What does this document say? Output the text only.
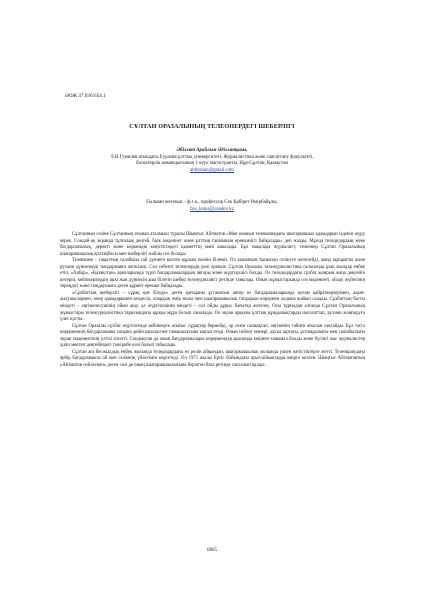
ӘОЖ 37.036:654.1
СҰЛТАН ОРАЗАЛЫНЫҢ ТЕЛЕОНЕРДЕГІ ШЕБЕРЛІГІ
Әбілхат Арайлым Әділханқызы,
Л.Н.Гумилев атындағы Еуразия ұлттық университеті, Журналистика және саясаттану факультеті,
баспагерлік мамандығының 1-курс магистранты, Нұр-Сұлтан, Қазақстан
abileshan@gmail.com
Ғылыми жетекші – ф.ғ.к., профессор Сек Қабірет Өмірбайұлы,
bas_kalus@yandex.kz

Сұлтанның сөзіне Сұлтанның атынан аталмыш туралы Шыңғыс Айтматов «Мен аламын телевизиядағы шығармашыл адамдарын ізденіп жүру керек. Сондай-ақ экранда тұлғалық деңгей, биік мәдениет және ұлттық танымның ерекшелігі байқалады» деп жазды. Мұнда теледидардың жеке бағдарламалық, деректі және көркемдік кеңістігіндегі қызметтің мәні ашылады. Бұл мақалада журналист, телеонер Сұлтан Оразалының шығармашылық қолтаңбасы мен шеберлігі жайлы сөз болады.

Телевизия – уақыттың талабына сай дүниеге келген құралы екенін білеміз. Ол заманның тынысын сезінуге жетелейді, жаңа ақпаратты және рухани дүниелерді тыңдарманға жеткізеді. Сол себепті телеонердің рөлі ерекше. Сұлтан Оразалы тележурналистика саласында ұзақ жылдар еңбек етіп, «Хабар», «Қазақстан» арналарында түрлі бағдарламалардың авторы және жүргізушісі болды. Ол теледидардағы сұхбат жанрын жаңа деңгейге көтеріп, кейіпкерлердің ішкі жан дүниесін аша білетін шебер тележурналист ретінде танылды. Оның жұмыстарында сөз мәдениеті, ойлау жүйесінің тереңдігі және тыңдаушыға деген құрмет ерекше байқалады.

«Сұхбаттың шеберлігі – сұрақ қоя білуде» деген қағиданы ұстанатын автор өз бағдарламаларында қоғам қайраткерлерімен, ақын-жазушылармен, өнер адамдарымен кездесіп, олардың өмір жолы мен шығармашылық тағдырын көрермен алдына жайып салады. Сұхбаттың басты міндеті – әңгімелесушінің ойын ашу, ал жүргізушінің міндеті – сол ойды дұрыс бағытқа жетелеу. Осы тұрғыдан алғанда Сұлтан Оразалының жұмыстары тележурналистика тарихындағы құнды мұра болып саналады. Ол экран арқылы ұлттық құндылықтарды насихаттап, рухани жаңғыруға үлес қосты.

Сұлтан Оразалы сұхбат жүргізгенде кейіпкерге асығыс сұрақтар бермейді, әр сөзін салмақтап, әңгіменің табиғи ағысын сақтайды. Бұл тәсіл көрерменнің бағдарламаны соңына дейін ықыласпен тамашалауына ықпал етеді. Оның сөйлеу мәнері, дауыс ырғағы, ұстамдылығы мен сыпайылығы экран мәдениетінің үлгісі іспетті. Сондықтан да оның бағдарламалары көрермендер арасында кеңінен танымал болды және бүгінгі жас журналистер үшін мектеп деңгейіндегі тәжірибе көзі болып табылады.

Сұлтан аға бесжылдық еңбек жолында теледидардағы өз рөлін айқындап, шығармашылық жолында үлкен жетістіктерге жетті. Телеэкрандағы әрбір бағдарламасы ой мен сезімнің үйлесімін көрсетеді. Ол 1971 жылы Ертіс бойындағы ауыл-аймақтарда өмірге келген. Шыңғыс Айтматовтың «Айтматов сөйлескен» деген сөзі де оның шығармашылығына берілген баға ретінде сақталып қалды.

6865
